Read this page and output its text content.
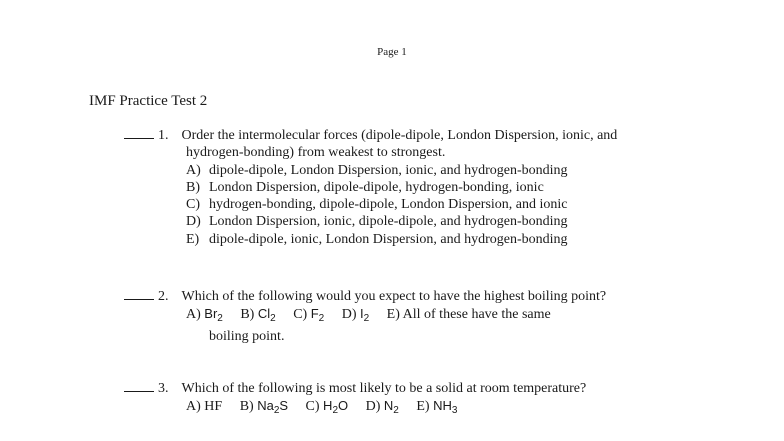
Page 1
IMF Practice Test 2
1. Order the intermolecular forces (dipole-dipole, London Dispersion, ionic, and
hydrogen-bonding) from weakest to strongest.
A) dipole-dipole, London Dispersion, ionic, and hydrogen-bonding
B) London Dispersion, dipole-dipole, hydrogen-bonding, ionic
C) hydrogen-bonding, dipole-dipole, London Dispersion, and ionic
D) London Dispersion, ionic, dipole-dipole, and hydrogen-bonding
E) dipole-dipole, ionic, London Dispersion, and hydrogen-bonding
2. Which of the following would you expect to have the highest boiling point?
A) $Br_2$ B) $Cl_2$ C) $F_2$ D) $I_2$ E) All of these have the same
boiling point.
3. Which of the following is most likely to be a solid at room temperature?
A) HF B) $Na_2S$ C) $H_2O$ D) $N_2$ E) $NH_3$
